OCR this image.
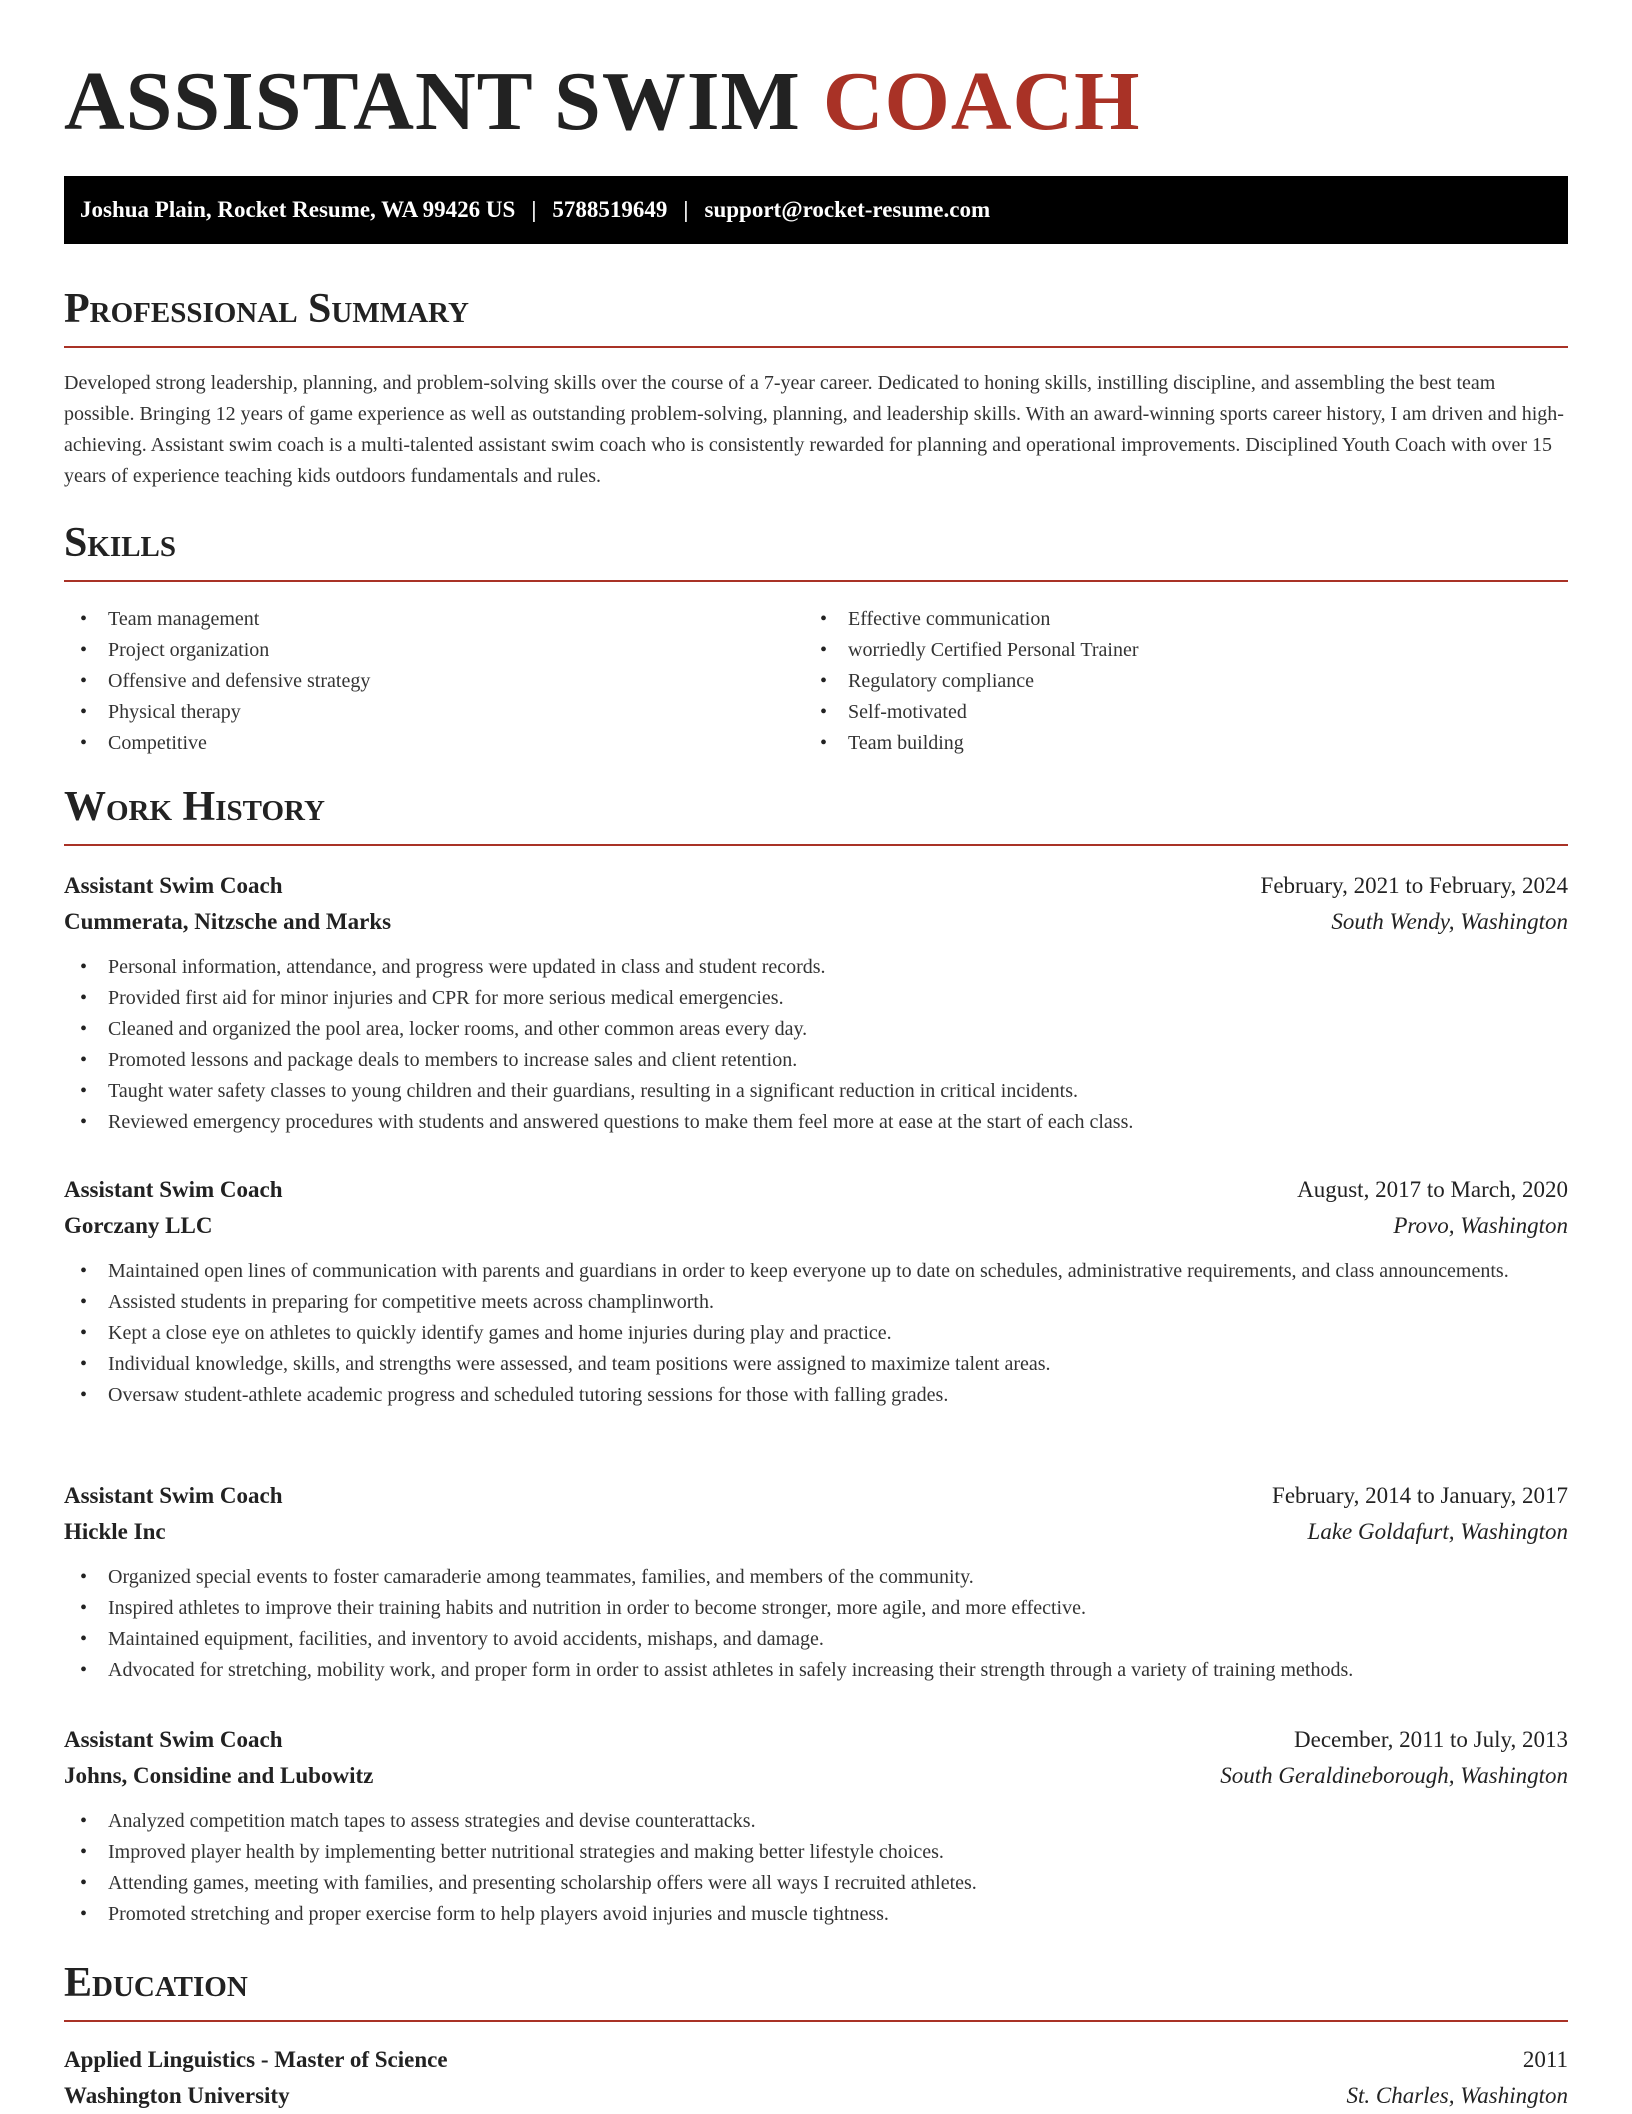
ASSISTANT SWIM COACH
Joshua Plain, Rocket Resume, WA 99426 US | 5788519649 | support@rocket-resume.com
Professional Summary

Developed strong leadership, planning, and problem-solving skills over the course of a 7-year career. Dedicated to honing skills, instilling discipline, and assembling the best team possible. Bringing 12 years of game experience as well as outstanding problem-solving, planning, and leadership skills. With an award-winning sports career history, I am driven and high-achieving. Assistant swim coach is a multi-talented assistant swim coach who is consistently rewarded for planning and operational improvements. Disciplined Youth Coach with over 15 years of experience teaching kids outdoors fundamentals and rules.

Skills
• Team management
• Project organization
• Offensive and defensive strategy
• Physical therapy
• Competitive
• Effective communication
• worriedly Certified Personal Trainer
• Regulatory compliance
• Self-motivated
• Team building
Work History
Assistant Swim Coach	February, 2021 to February, 2024
Cummerata, Nitzsche and Marks	South Wendy, Washington
• Personal information, attendance, and progress were updated in class and student records.
• Provided first aid for minor injuries and CPR for more serious medical emergencies.
• Cleaned and organized the pool area, locker rooms, and other common areas every day.
• Promoted lessons and package deals to members to increase sales and client retention.
• Taught water safety classes to young children and their guardians, resulting in a significant reduction in critical incidents.
• Reviewed emergency procedures with students and answered questions to make them feel more at ease at the start of each class.
Assistant Swim Coach	August, 2017 to March, 2020
Gorczany LLC	Provo, Washington
• Maintained open lines of communication with parents and guardians in order to keep everyone up to date on schedules, administrative requirements, and class announcements.
• Assisted students in preparing for competitive meets across champlinworth.
• Kept a close eye on athletes to quickly identify games and home injuries during play and practice.
• Individual knowledge, skills, and strengths were assessed, and team positions were assigned to maximize talent areas.
• Oversaw student-athlete academic progress and scheduled tutoring sessions for those with falling grades.
Assistant Swim Coach	February, 2014 to January, 2017
Hickle Inc	Lake Goldafurt, Washington
• Organized special events to foster camaraderie among teammates, families, and members of the community.
• Inspired athletes to improve their training habits and nutrition in order to become stronger, more agile, and more effective.
• Maintained equipment, facilities, and inventory to avoid accidents, mishaps, and damage.
• Advocated for stretching, mobility work, and proper form in order to assist athletes in safely increasing their strength through a variety of training methods.
Assistant Swim Coach	December, 2011 to July, 2013
Johns, Considine and Lubowitz	South Geraldineborough, Washington
• Analyzed competition match tapes to assess strategies and devise counterattacks.
• Improved player health by implementing better nutritional strategies and making better lifestyle choices.
• Attending games, meeting with families, and presenting scholarship offers were all ways I recruited athletes.
• Promoted stretching and proper exercise form to help players avoid injuries and muscle tightness.
Education
Applied Linguistics - Master of Science	2011
Washington University	St. Charles, Washington
